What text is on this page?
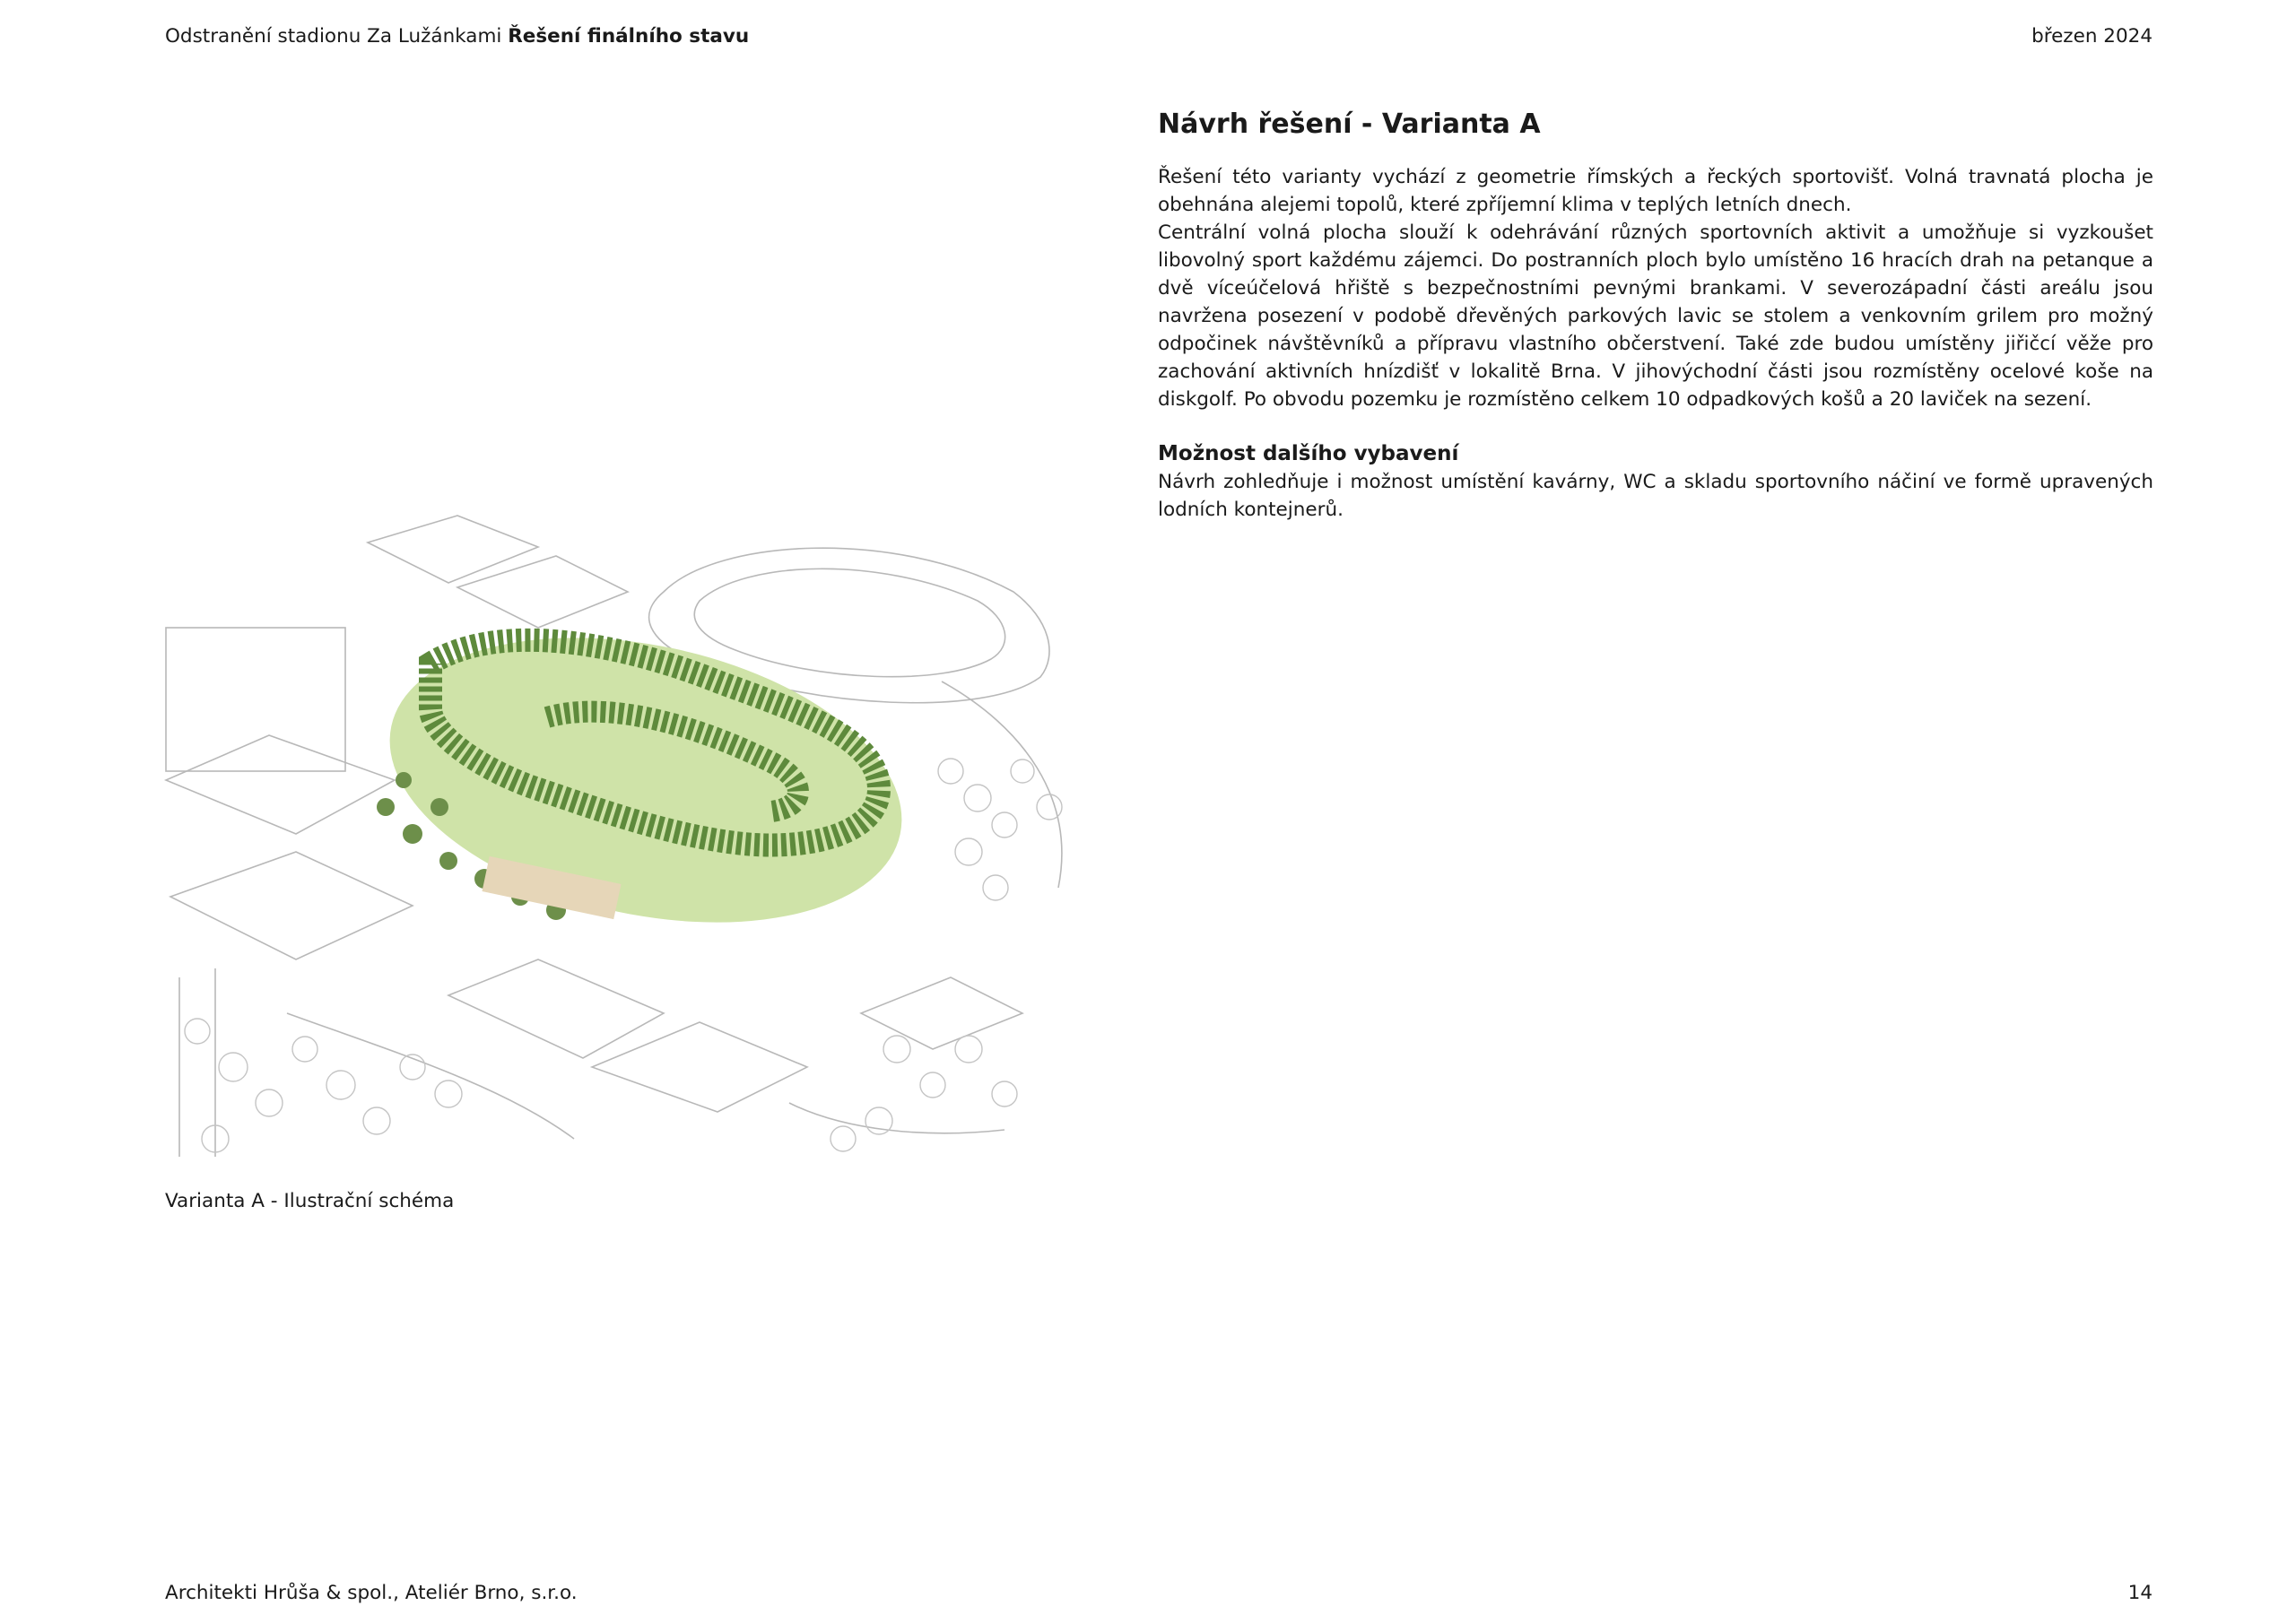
Odstranění stadionu Za Lužánkami Řešení finálního stavu	březen 2024
Návrh řešení - Varianta A

Řešení této varianty vychází z geometrie římských a řeckých sportovišť. Volná travnatá plocha je obehnána alejemi topolů, které zpříjemní klima v teplých letních dnech.

Centrální volná plocha slouží k odehrávání různých sportovních aktivit a umožňuje si vyzkoušet libovolný sport každému zájemci. Do postranních ploch bylo umístěno 16 hracích drah na petanque a dvě víceúčelová hřiště s bezpečnostními pevnými brankami. V severozápadní části areálu jsou navržena posezení v podobě dřevěných parkových lavic se stolem a venkovním grilem pro možný odpočinek návštěvníků a přípravu vlastního občerstvení. Také zde budou umístěny jiřičcí věže pro zachování aktivních hnízdišť v lokalitě Brna. V jihovýchodní části jsou rozmístěny ocelové koše na diskgolf. Po obvodu pozemku je rozmístěno celkem 10 odpadkových košů a 20 laviček na sezení.

Možnost dalšího vybavení

Návrh zohledňuje i možnost umístění kavárny, WC a skladu sportovního náčiní ve formě upravených lodních kontejnerů.

Varianta A - Ilustrační schéma
Architekti Hrůša & spol., Ateliér Brno, s.r.o.	14
